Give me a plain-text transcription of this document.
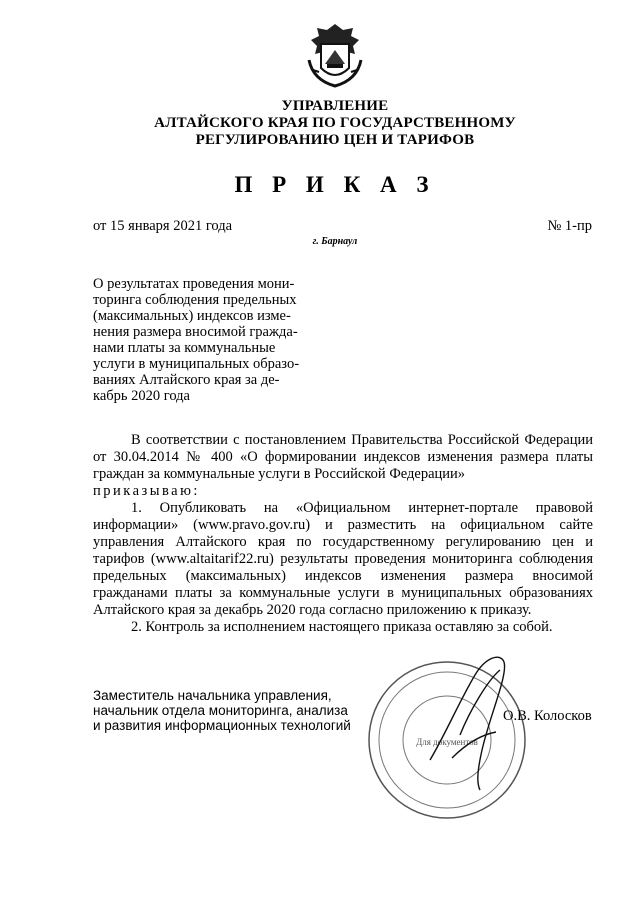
УПРАВЛЕНИЕ
АЛТАЙСКОГО КРАЯ ПО ГОСУДАРСТВЕННОМУ
РЕГУЛИРОВАНИЮ ЦЕН И ТАРИФОВ
П Р И К А З
от 15 января 2021 года	№ 1-пр
г. Барнаул
О результатах проведения мони-
торинга соблюдения предельных
(максимальных) индексов изме-
нения размера вносимой гражда-
нами платы за коммунальные
услуги в муниципальных образо-
ваниях Алтайского края за де-
кабрь 2020 года
В соответствии с постановлением Правительства Российской Федерации от 30.04.2014 № 400 «О формировании индексов изменения размера платы граждан за коммунальные услуги в Российской Федерации»
приказываю:
1. Опубликовать на «Официальном интернет-портале правовой информации» (www.pravo.gov.ru) и разместить на официальном сайте управления Алтайского края по государственному регулированию цен и тарифов (www.altaitarif22.ru) результаты проведения мониторинга соблюдения предельных (максимальных) индексов изменения размера вносимой гражданами платы за коммунальные услуги в муниципальных образованиях Алтайского края за декабрь 2020 года согласно приложению к приказу.
2. Контроль за исполнением настоящего приказа оставляю за собой.
Для документов
Заместитель начальника управления,
начальник отдела мониторинга, анализа
и развития информационных технологий
О.В. Колосков
